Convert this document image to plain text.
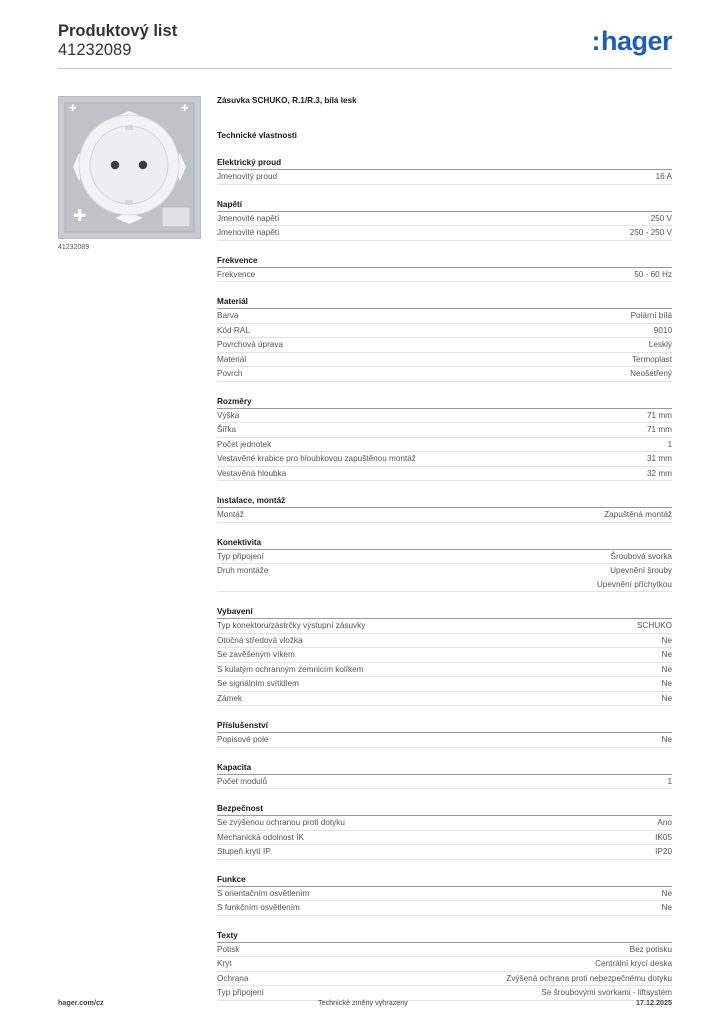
Produktový list
41232089	:hager
✚
✚	✚
41232089
Zásuvka SCHUKO, R.1/R.3, bílá lesk
Technické vlastnosti
Elektrický proud
Jmenovitý proud	16 A
Napětí
Jmenovité napětí	250 V
Jmenovité napětí	250 - 250 V
Frekvence
Frekvence	50 - 60 Hz
Materiál
Barva	Polární bílá
Kód RAL	9010
Povrchová úprava	Lesklý
Materiál	Termoplast
Povrch	Neošetřený
Rozměry
Výška	71 mm
Šířka	71 mm
Počet jednotek	1
Vestavěné krabice pro hloubkovou zapuštěnou montáž	31 mm
Vestavěná hloubka	32 mm
Instalace, montáž
Montáž	Zapuštěná montáž
Konektivita
Typ připojení	Šroubová svorka
Druh montáže	Upevnění šrouby
Upevnění příchytkou
Vybavení
Typ konektoru/zástrčky výstupní zásuvky	SCHUKO
Otočná středová vložka	Ne
Se zavěšeným víkem	Ne
S kulatým ochranným zemnicím kolíkem	Ne
Se signálním svítidlem	Ne
Zámek	Ne
Příslušenství
Popisové pole	Ne
Kapacita
Počet modulů	1
Bezpečnost
Se zvýšenou ochranou proti dotyku	Ano
Mechanická odolnost IK	IK05
Stupeň krytí IP	IP20
Funkce
S orientačním osvětlením	Ne
S funkčním osvětlením	Ne
Texty
Potisk	Bez potisku
Kryt	Centrální krycí deska
Ochrana	Zvýšená ochrana proti nebezpečnému dotyku
Typ připojení	Se šroubovými svorkami - liftsystém
hager.com/cz	Technické změny vyhrazeny	17.12.2025
